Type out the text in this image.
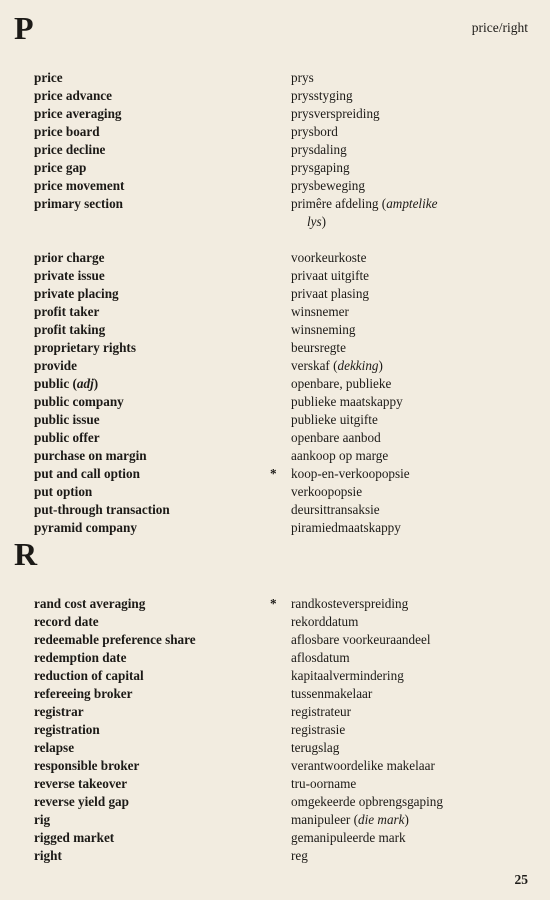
P	price/right
price	prys
price advance	prysstyging
price averaging	prysverspreiding
price board	prysbord
price decline	prysdaling
price gap	prysgaping
price movement	prysbeweging
primary section	primêre afdeling (amptelike
lys)
prior charge	voorkeurkoste
private issue	privaat uitgifte
private placing	privaat plasing
profit taker	winsnemer
profit taking	winsneming
proprietary rights	beursregte
provide	verskaf (dekking)
public (adj)	openbare, publieke
public company	publieke maatskappy
public issue	publieke uitgifte
public offer	openbare aanbod
purchase on margin	aankoop op marge
put and call option	* koop-en-verkoopopsie
put option	verkoopopsie
put-through transaction	deursittransaksie
pyramid company	piramiedmaatskappy
R
rand cost averaging	* randkosteverspreiding
record date	rekorddatum
redeemable preference share	aflosbare voorkeuraandeel
redemption date	aflosdatum
reduction of capital	kapitaalvermindering
refereeing broker	tussenmakelaar
registrar	registrateur
registration	registrasie
relapse	terugslag
responsible broker	verantwoordelike makelaar
reverse takeover	tru-oorname
reverse yield gap	omgekeerde opbrengsgaping
rig	manipuleer (die mark)
rigged market	gemanipuleerde mark
right	reg
25
